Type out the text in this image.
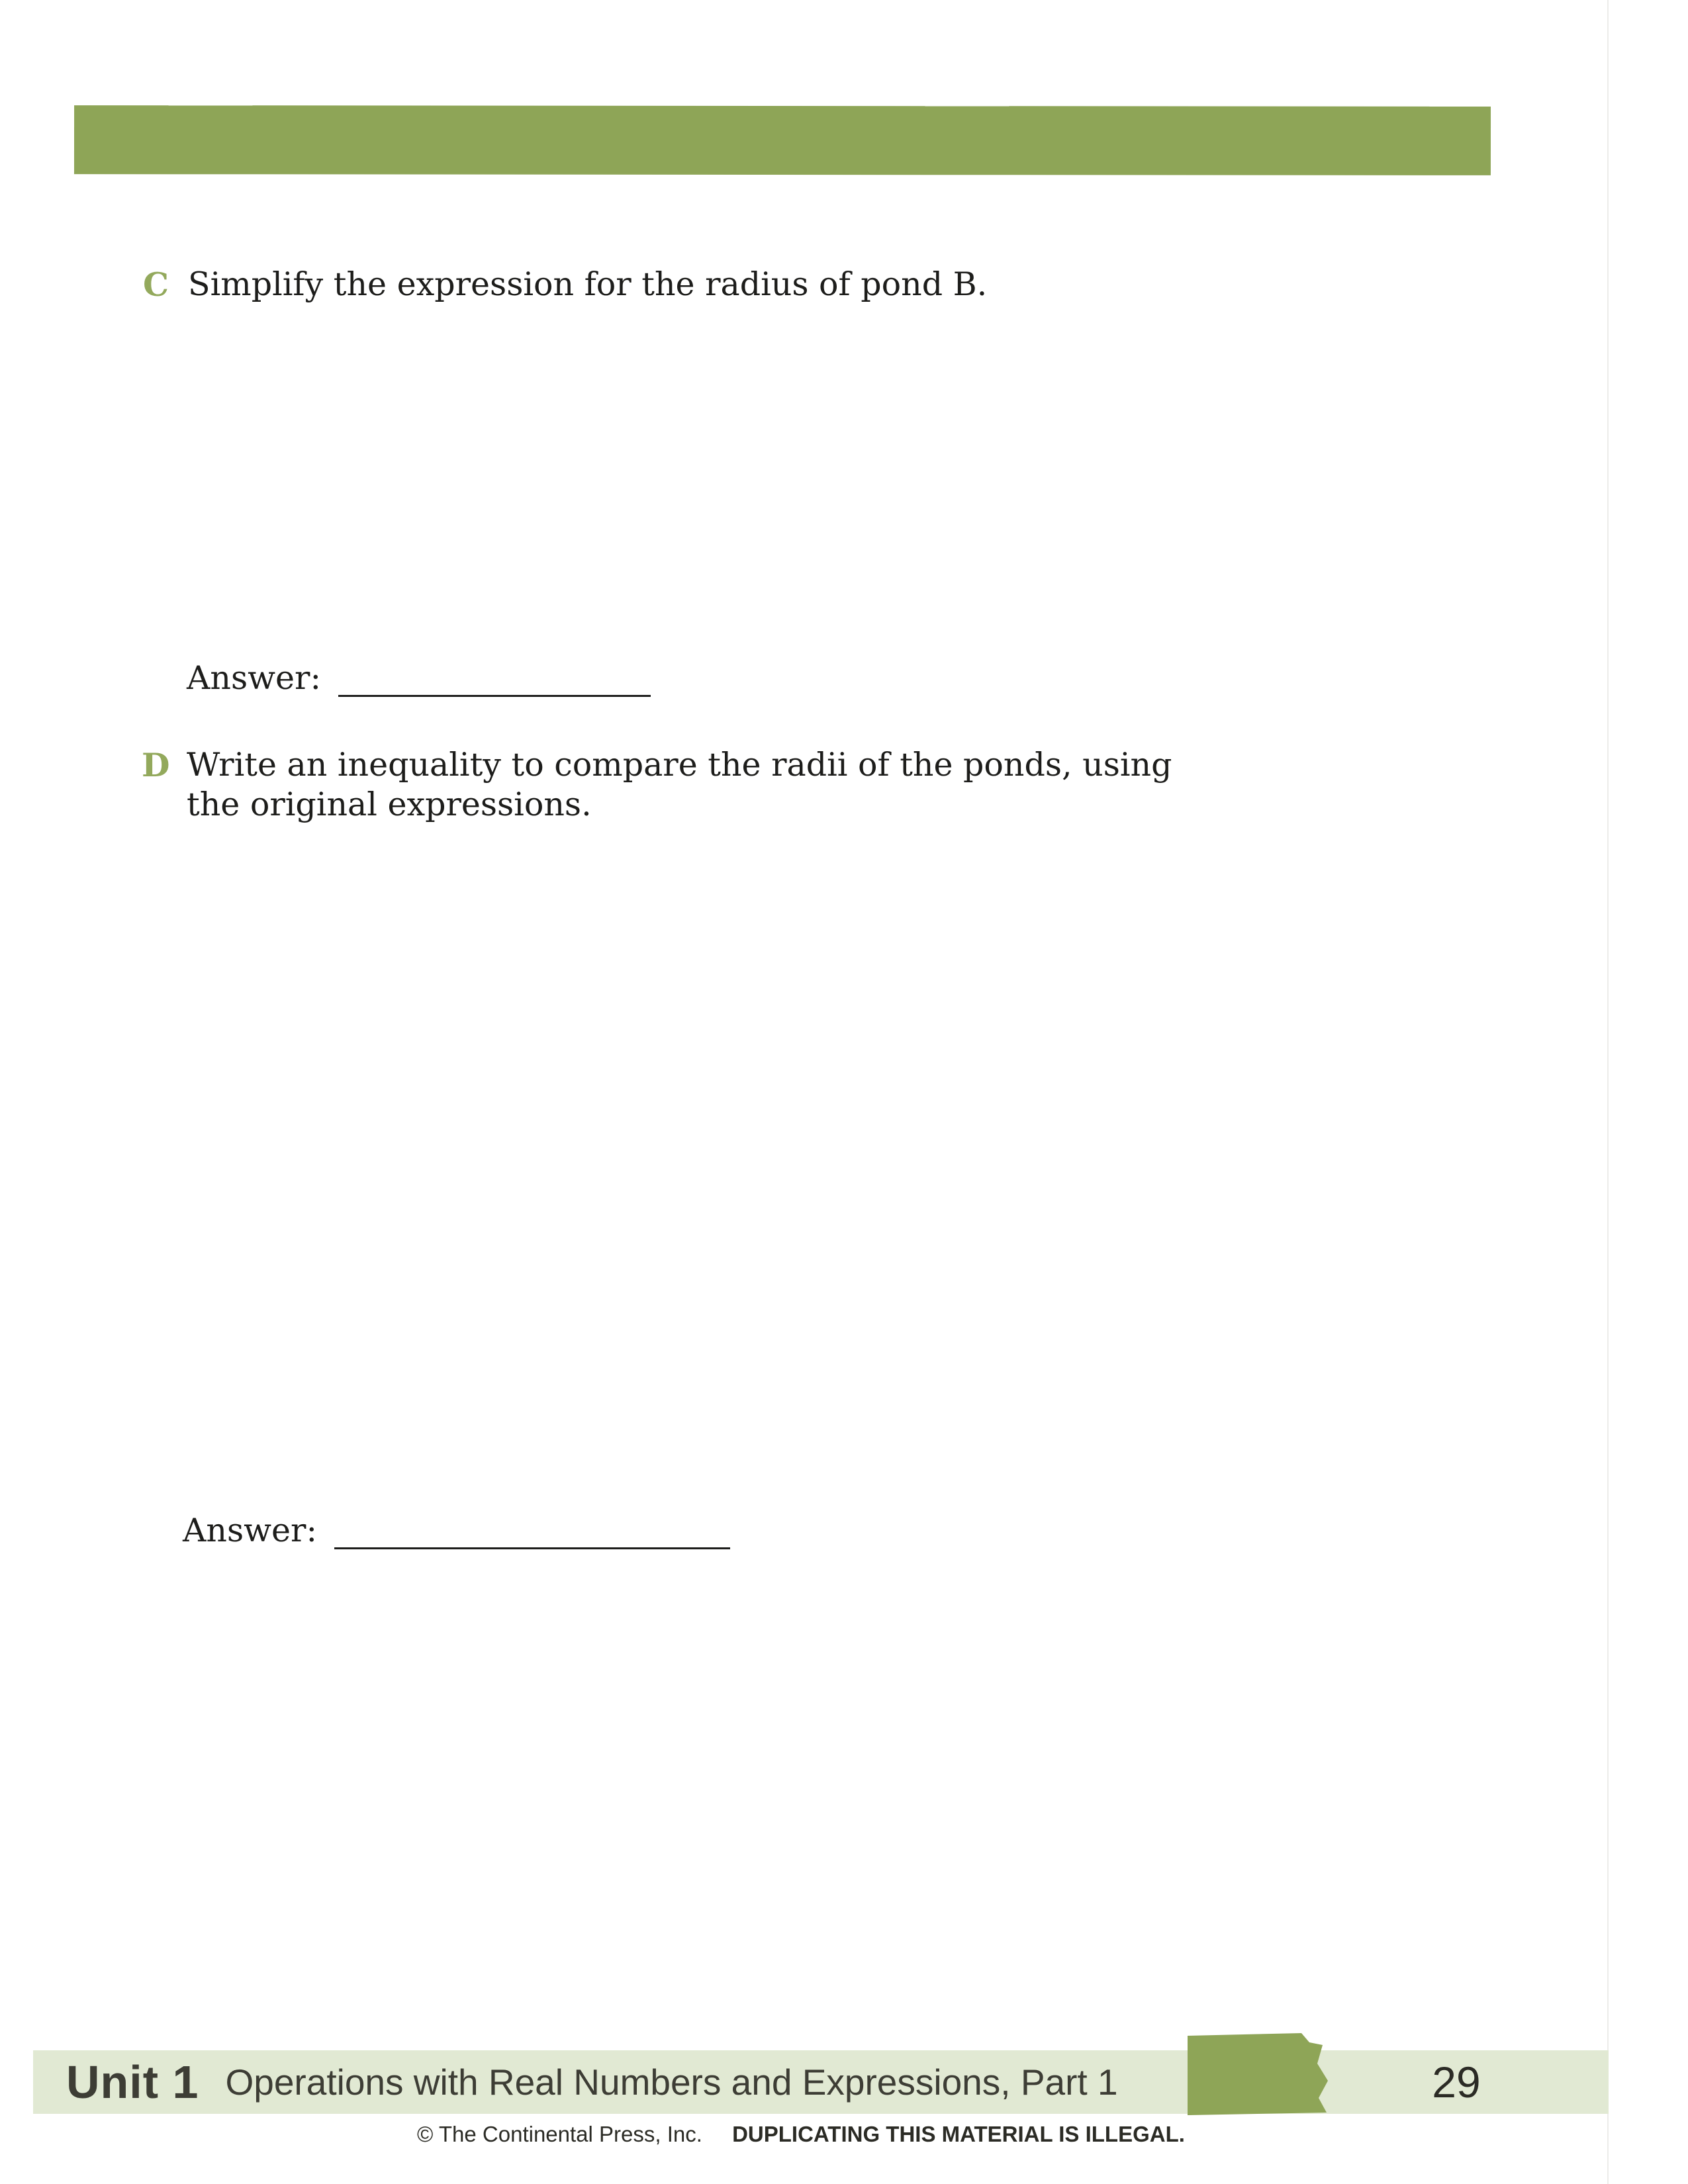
C Simplify the expression for the radius of pond B.
Answer:
D Write an inequality to compare the radii of the ponds, using
the original expressions.
Answer:
Unit 1 Operations with Real Numbers and Expressions, Part 1	29
© The Continental Press, Inc. DUPLICATING THIS MATERIAL IS ILLEGAL.
